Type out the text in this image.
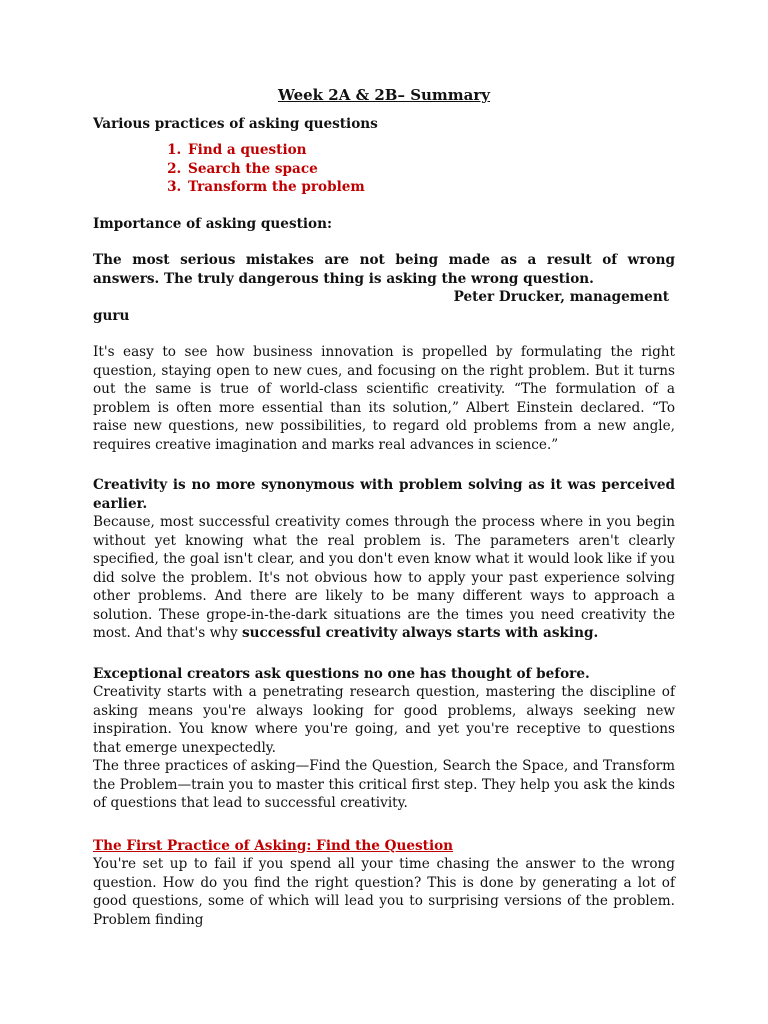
Week 2A & 2B– Summary

Various practices of asking questions

1. Find a question
2. Search the space
3. Transform the problem

Importance of asking question:

The most serious mistakes are not being made as a result of wrong answers. The truly dangerous thing is asking the wrong question.

Peter Drucker, management

guru

It's easy to see how business innovation is propelled by formulating the right question, staying open to new cues, and focusing on the right problem. But it turns out the same is true of world-class scientific creativity. “The formulation of a problem is often more essential than its solution,” Albert Einstein declared. “To raise new questions, new possibilities, to regard old problems from a new angle, requires creative imagination and marks real advances in science.”

Creativity is no more synonymous with problem solving as it was perceived earlier.

Because, most successful creativity comes through the process where in you begin without yet knowing what the real problem is. The parameters aren't clearly specified, the goal isn't clear, and you don't even know what it would look like if you did solve the problem. It's not obvious how to apply your past experience solving other problems. And there are likely to be many different ways to approach a solution. These grope-in-the-dark situations are the times you need creativity the most. And that's why successful creativity always starts with asking.

Exceptional creators ask questions no one has thought of before.

Creativity starts with a penetrating research question, mastering the discipline of asking means you're always looking for good problems, always seeking new inspiration. You know where you're going, and yet you're receptive to questions that emerge unexpectedly.

The three practices of asking—Find the Question, Search the Space, and Transform the Problem—train you to master this critical first step. They help you ask the kinds of questions that lead to successful creativity.

The First Practice of Asking: Find the Question

You're set up to fail if you spend all your time chasing the answer to the wrong question. How do you find the right question? This is done by generating a lot of good questions, some of which will lead you to surprising versions of the problem. Problem finding
